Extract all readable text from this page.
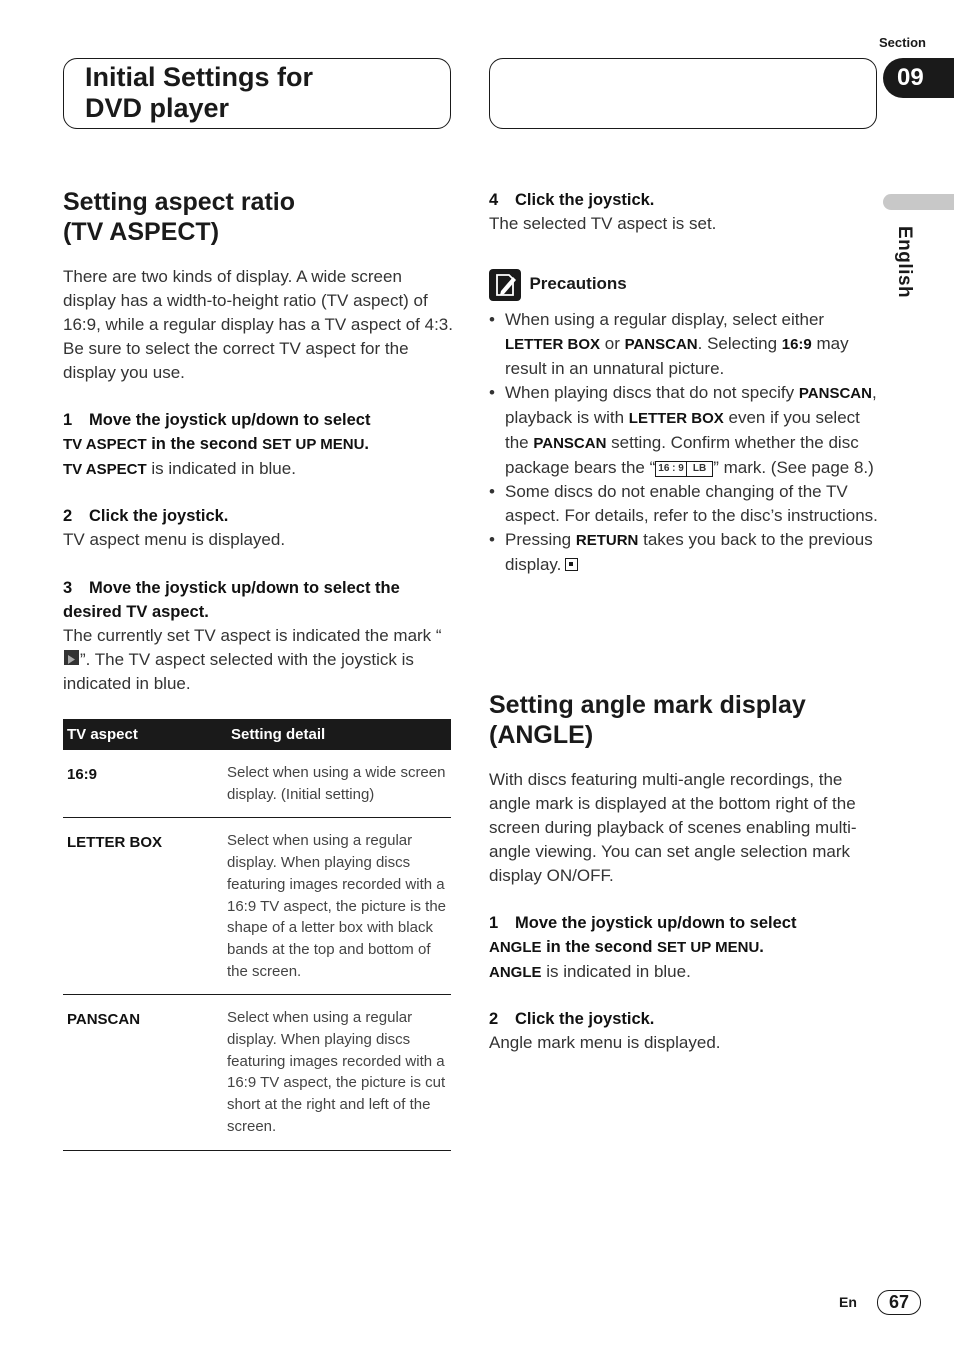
Section
09
English
Initial Settings for
DVD player
Setting aspect ratio
(TV ASPECT)
There are two kinds of display. A wide screen display has a width-to-height ratio (TV aspect) of 16:9, while a regular display has a TV aspect of 4:3. Be sure to select the correct TV aspect for the display you use.
1 Move the joystick up/down to select
TV ASPECT in the second SET UP MENU.
TV ASPECT is indicated in blue.
2 Click the joystick.
TV aspect menu is displayed.
3 Move the joystick up/down to select the desired TV aspect.
The currently set TV aspect is indicated the mark “”. The TV aspect selected with the joystick is indicated in blue.
TV aspect	Setting detail
16:9	Select when using a wide screen display. (Initial setting)
LETTER BOX	Select when using a regular display. When playing discs featuring images recorded with a 16:9 TV aspect, the picture is the shape of a letter box with black bands at the top and bottom of the screen.
PANSCAN	Select when using a regular display. When playing discs featuring images recorded with a 16:9 TV aspect, the picture is cut short at the right and left of the screen.
4 Click the joystick.
The selected TV aspect is set.
Precautions
• When using a regular display, select either LETTER BOX or PANSCAN. Selecting 16:9 may result in an unnatural picture.
• When playing discs that do not specify PANSCAN, playback is with LETTER BOX even if you select the PANSCAN setting. Confirm whether the disc package bears the “ 16 : 9 LB ” mark. (See page 8.)
• Some discs do not enable changing of the TV aspect. For details, refer to the disc’s instructions.
• Pressing RETURN takes you back to the previous display.
Setting angle mark display
(ANGLE)
With discs featuring multi-angle recordings, the angle mark is displayed at the bottom right of the screen during playback of scenes enabling multi-angle viewing. You can set angle selection mark display ON/OFF.
1 Move the joystick up/down to select
ANGLE in the second SET UP MENU.
ANGLE is indicated in blue.
2 Click the joystick.
Angle mark menu is displayed.
En	67
